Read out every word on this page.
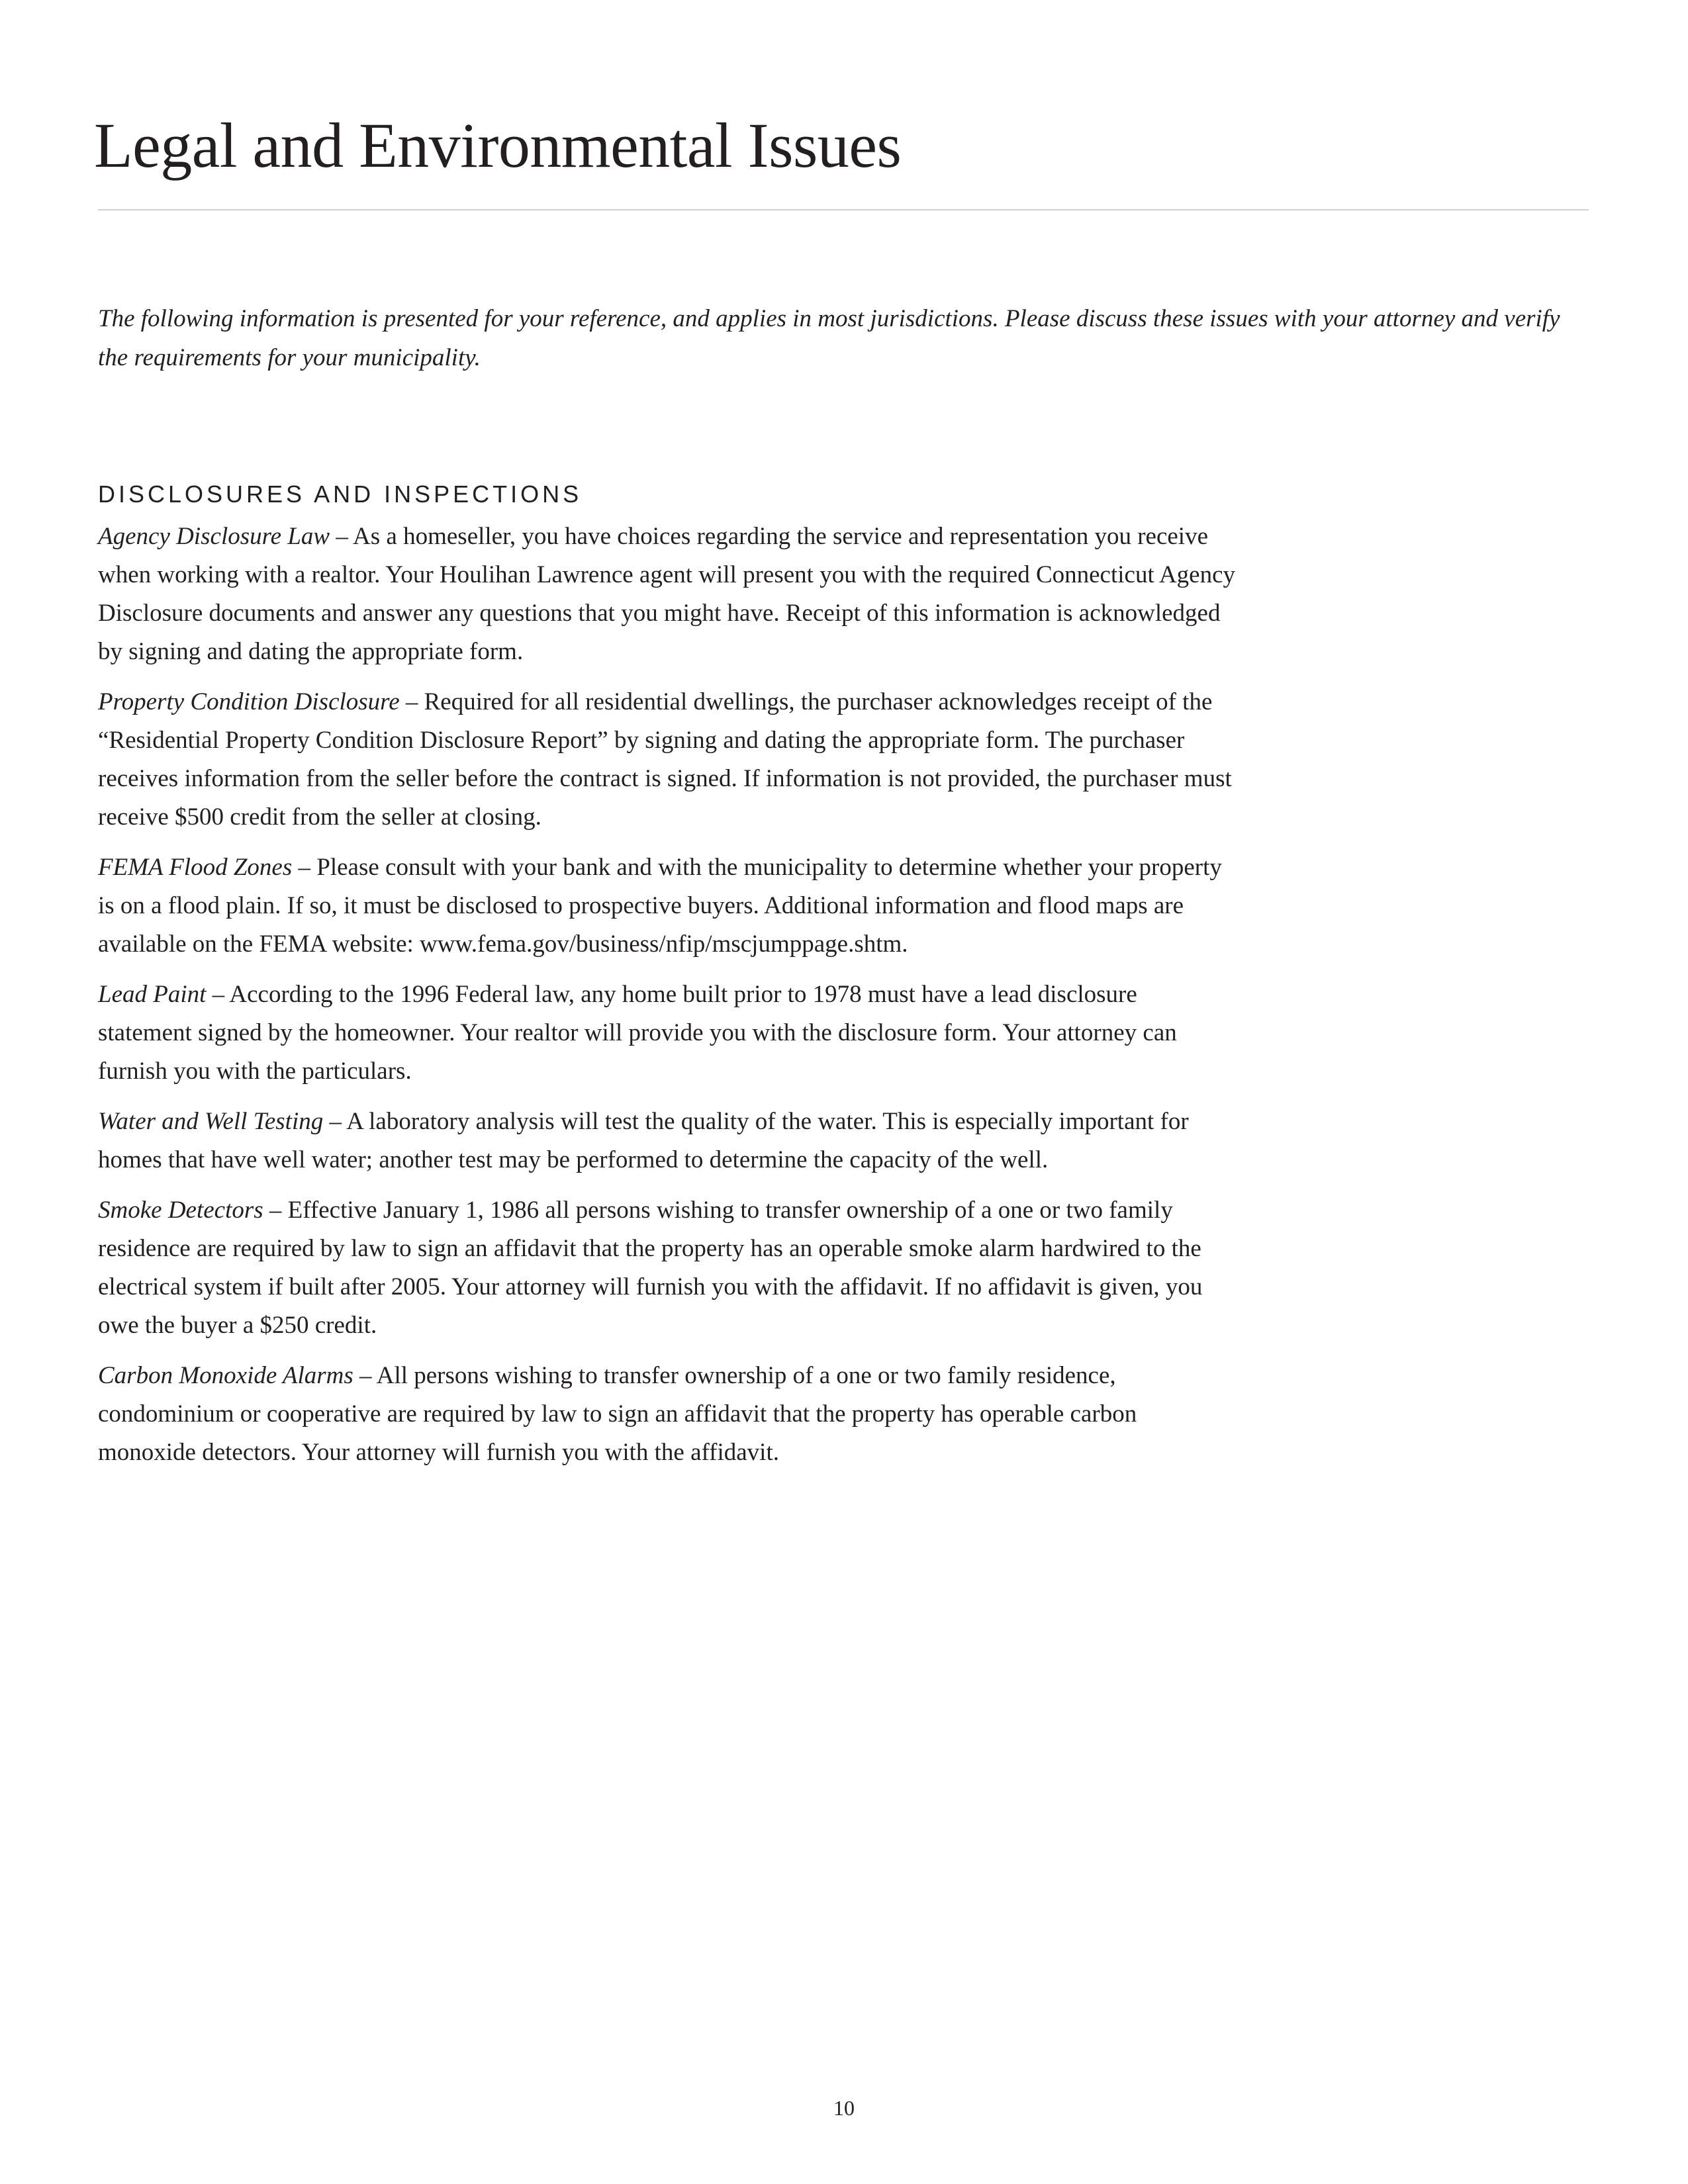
Legal and Environmental Issues

The following information is presented for your reference, and applies in most jurisdictions. Please discuss these issues with your attorney and verify the requirements for your municipality.

DISCLOSURES AND INSPECTIONS

Agency Disclosure Law – As a homeseller, you have choices regarding the service and representation you receive when working with a realtor. Your Houlihan Lawrence agent will present you with the required Connecticut Agency Disclosure documents and answer any questions that you might have. Receipt of this information is acknowledged by signing and dating the appropriate form.

Property Condition Disclosure – Required for all residential dwellings, the purchaser acknowledges receipt of the “Residential Property Condition Disclosure Report” by signing and dating the appropriate form. The purchaser receives information from the seller before the contract is signed. If information is not provided, the purchaser must receive $500 credit from the seller at closing.

FEMA Flood Zones – Please consult with your bank and with the municipality to determine whether your property is on a flood plain. If so, it must be disclosed to prospective buyers. Additional information and flood maps are available on the FEMA website: www.fema.gov/business/nfip/mscjumppage.shtm.

Lead Paint – According to the 1996 Federal law, any home built prior to 1978 must have a lead disclosure statement signed by the homeowner. Your realtor will provide you with the disclosure form. Your attorney can furnish you with the particulars.

Water and Well Testing – A laboratory analysis will test the quality of the water. This is especially important for homes that have well water; another test may be performed to determine the capacity of the well.

Smoke Detectors – Effective January 1, 1986 all persons wishing to transfer ownership of a one or two family residence are required by law to sign an affidavit that the property has an operable smoke alarm hardwired to the electrical system if built after 2005. Your attorney will furnish you with the affidavit. If no affidavit is given, you owe the buyer a $250 credit.

Carbon Monoxide Alarms – All persons wishing to transfer ownership of a one or two family residence, condominium or cooperative are required by law to sign an affidavit that the property has operable carbon monoxide detectors. Your attorney will furnish you with the affidavit.

10
